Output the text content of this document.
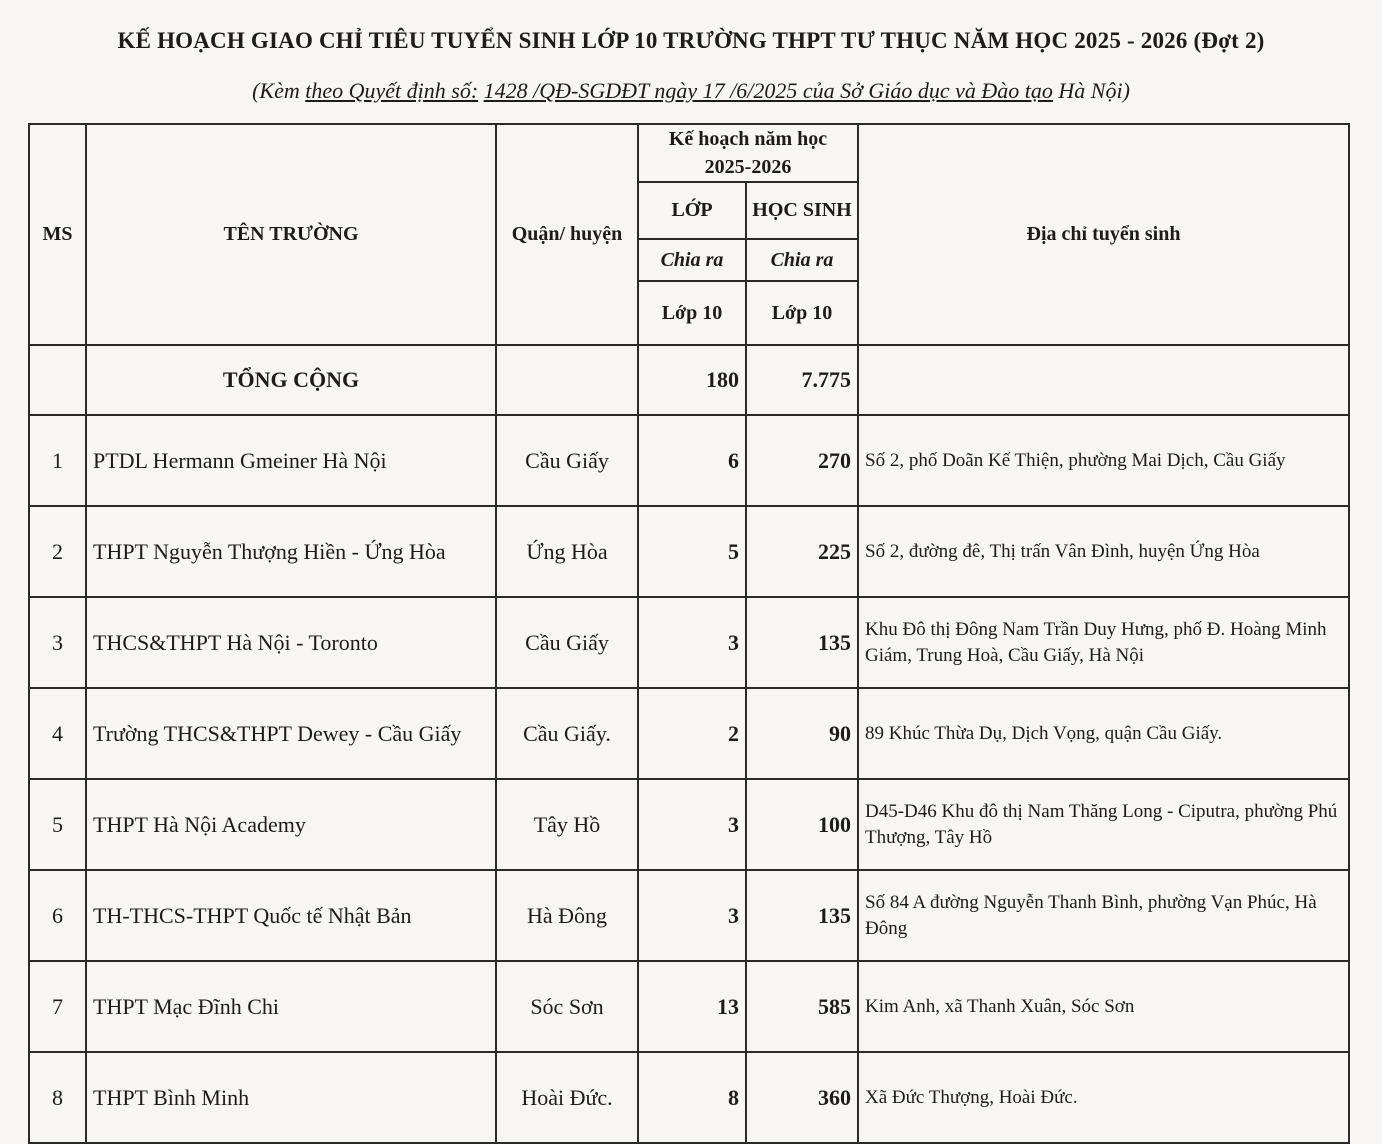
KẾ HOẠCH GIAO CHỈ TIÊU TUYỂN SINH LỚP 10 TRƯỜNG THPT TƯ THỤC NĂM HỌC 2025 - 2026 (Đợt 2)
(Kèm theo Quyết định số: 1428 /QĐ-SGDĐT ngày 17 /6/2025 của Sở Giáo dục và Đào tạo Hà Nội)
MS	TÊN TRƯỜNG	Quận/ huyện	Kế hoạch năm học 2025-2026		Địa chỉ tuyển sinh
			LỚP	HỌC SINH	
			Chia ra	Chia ra	
			Lớp 10	Lớp 10	
	TỔNG CỘNG		180	7.775	
1	PTDL Hermann Gmeiner Hà Nội	Cầu Giấy	6	270	Số 2, phố Doãn Kế Thiện, phường Mai Dịch, Cầu Giấy
2	THPT Nguyễn Thượng Hiền - Ứng Hòa	Ứng Hòa	5	225	Số 2, đường đê, Thị trấn Vân Đình, huyện Ứng Hòa
3	THCS&THPT Hà Nội - Toronto	Cầu Giấy	3	135	Khu Đô thị Đông Nam Trần Duy Hưng, phố Đ. Hoàng Minh Giám, Trung Hoà, Cầu Giấy, Hà Nội
4	Trường THCS&THPT Dewey - Cầu Giấy	Cầu Giấy.	2	90	89 Khúc Thừa Dụ, Dịch Vọng, quận Cầu Giấy.
5	THPT Hà Nội Academy	Tây Hồ	3	100	D45-D46 Khu đô thị Nam Thăng Long - Ciputra, phường Phú Thượng, Tây Hồ
6	TH-THCS-THPT Quốc tế Nhật Bản	Hà Đông	3	135	Số 84 A đường Nguyễn Thanh Bình, phường Vạn Phúc, Hà Đông
7	THPT Mạc Đĩnh Chi	Sóc Sơn	13	585	Kim Anh, xã Thanh Xuân, Sóc Sơn
8	THPT Bình Minh	Hoài Đức.	8	360	Xã Đức Thượng, Hoài Đức.
